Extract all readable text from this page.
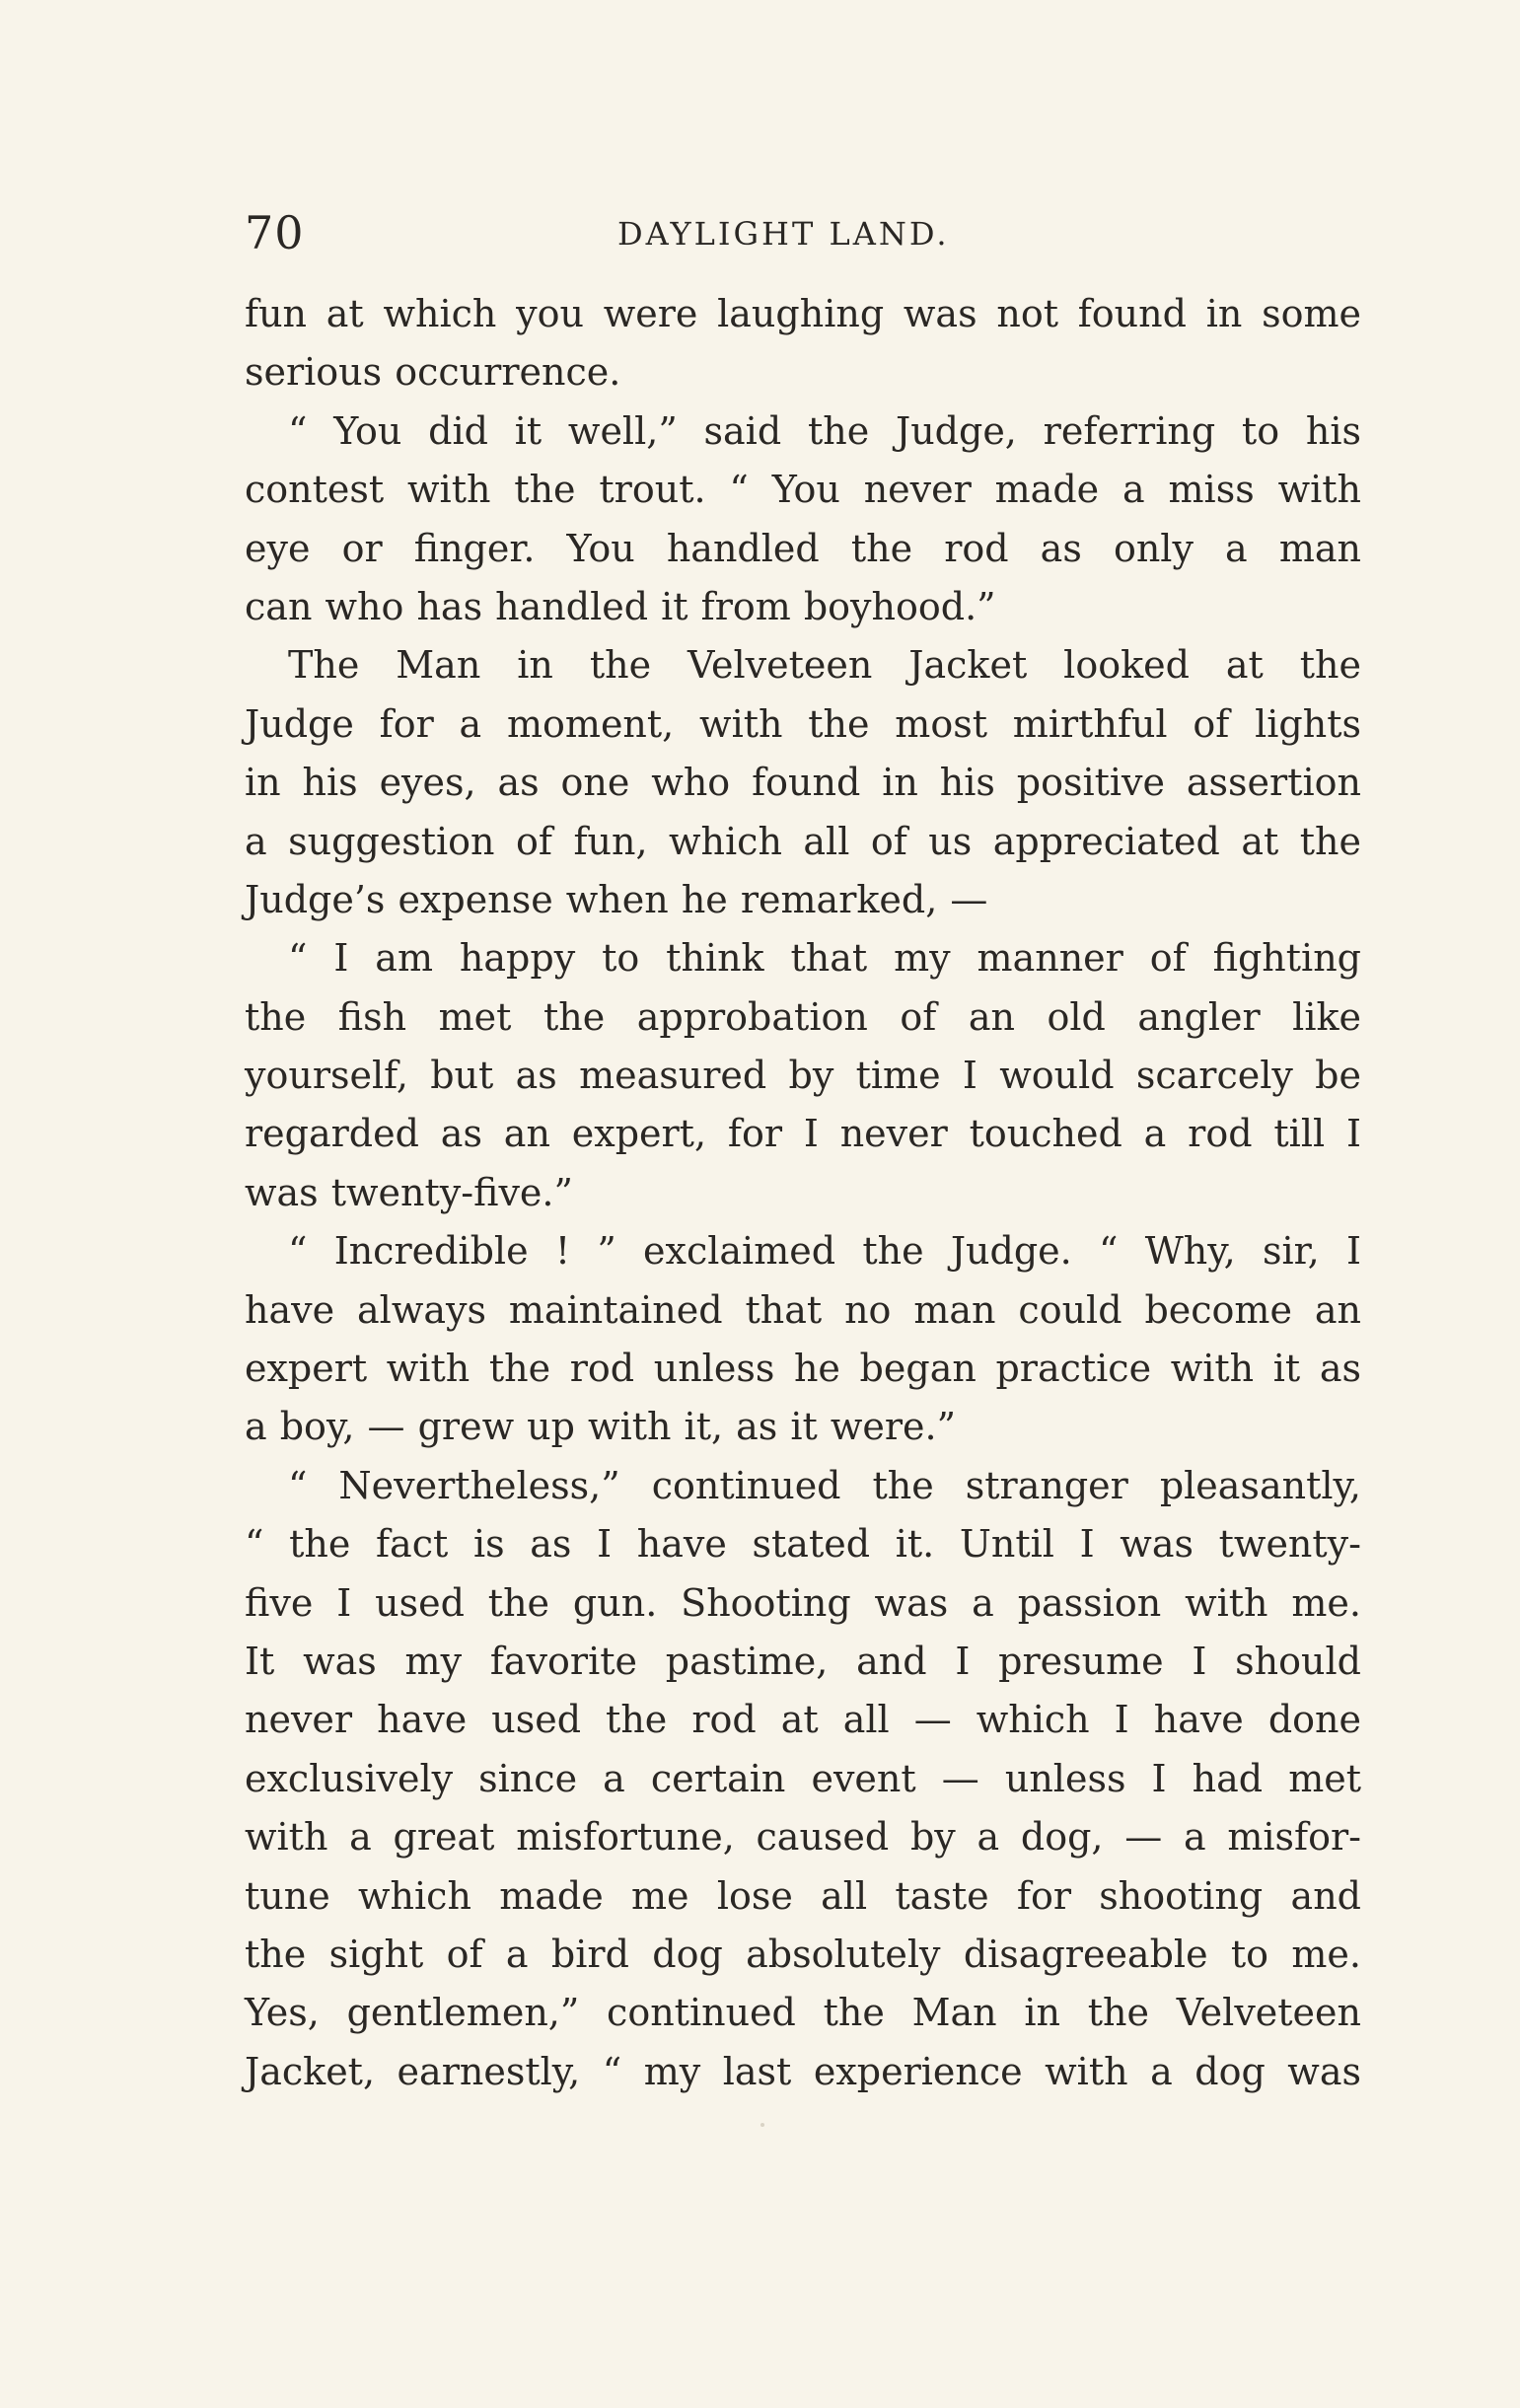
70	DAYLIGHT LAND.
fun at which you were laughing was not found in some
serious occurrence.
“ You did it well,” said the Judge, referring to his
contest with the trout. “ You never made a miss with
eye or finger. You handled the rod as only a man
can who has handled it from boyhood.”
The Man in the Velveteen Jacket looked at the
Judge for a moment, with the most mirthful of lights
in his eyes, as one who found in his positive assertion
a suggestion of fun, which all of us appreciated at the
Judge’s expense when he remarked, —
“ I am happy to think that my manner of fighting
the fish met the approbation of an old angler like
yourself, but as measured by time I would scarcely be
regarded as an expert, for I never touched a rod till I
was twenty-five.”
“ Incredible ! ” exclaimed the Judge. “ Why, sir, I
have always maintained that no man could become an
expert with the rod unless he began practice with it as
a boy, — grew up with it, as it were.”
“ Nevertheless,” continued the stranger pleasantly,
“ the fact is as I have stated it. Until I was twenty-
five I used the gun. Shooting was a passion with me.
It was my favorite pastime, and I presume I should
never have used the rod at all — which I have done
exclusively since a certain event — unless I had met
with a great misfortune, caused by a dog, — a misfor-
tune which made me lose all taste for shooting and
the sight of a bird dog absolutely disagreeable to me.
Yes, gentlemen,” continued the Man in the Velveteen
Jacket, earnestly, “ my last experience with a dog was
